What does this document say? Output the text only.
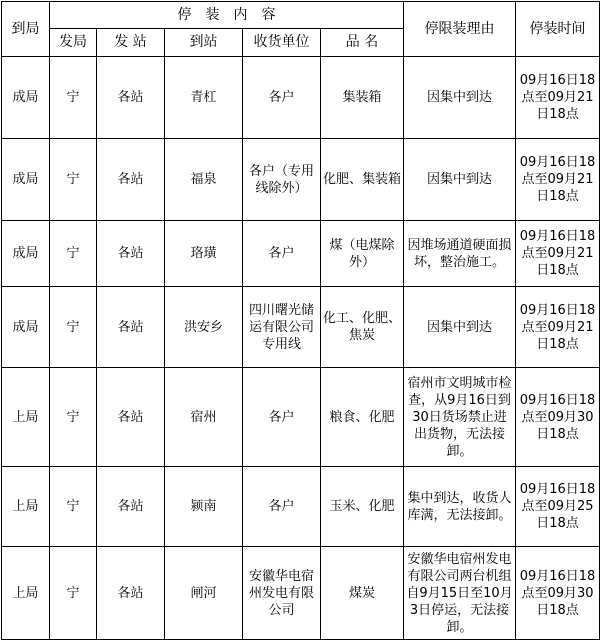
到局	停　装　内　容					停限装理由	停装时间
	发局	发 站	到站	收货单位	品 名		
成局	宁	各站	青杠	各户	集装箱	因集中到达	09月16日18点至09月21日18点
成局	宁	各站	福泉	各户（专用线除外）	化肥、集装箱	因集中到达	09月16日18点至09月21日18点
成局	宁	各站	珞璜	各户	煤（电煤除外）	因堆场通道硬面损坏，整治施工。	09月16日18点至09月21日18点
成局	宁	各站	洪安乡	四川曙光储运有限公司专用线	化工、化肥、焦炭	因集中到达	09月16日18点至09月21日18点
上局	宁	各站	宿州	各户	粮食、化肥	宿州市文明城市检查，从9月16日到30日货场禁止进出货物，无法接卸。	09月16日18点至09月30日18点
上局	宁	各站	颍南	各户	玉米、化肥	集中到达，收货人库满，无法接卸。	09月16日18点至09月25日18点
上局	宁	各站	闸河	安徽华电宿州发电有限公司	煤炭	安徽华电宿州发电有限公司两台机组自9月15日至10月3日停运，无法接卸。	09月16日18点至09月30日18点
